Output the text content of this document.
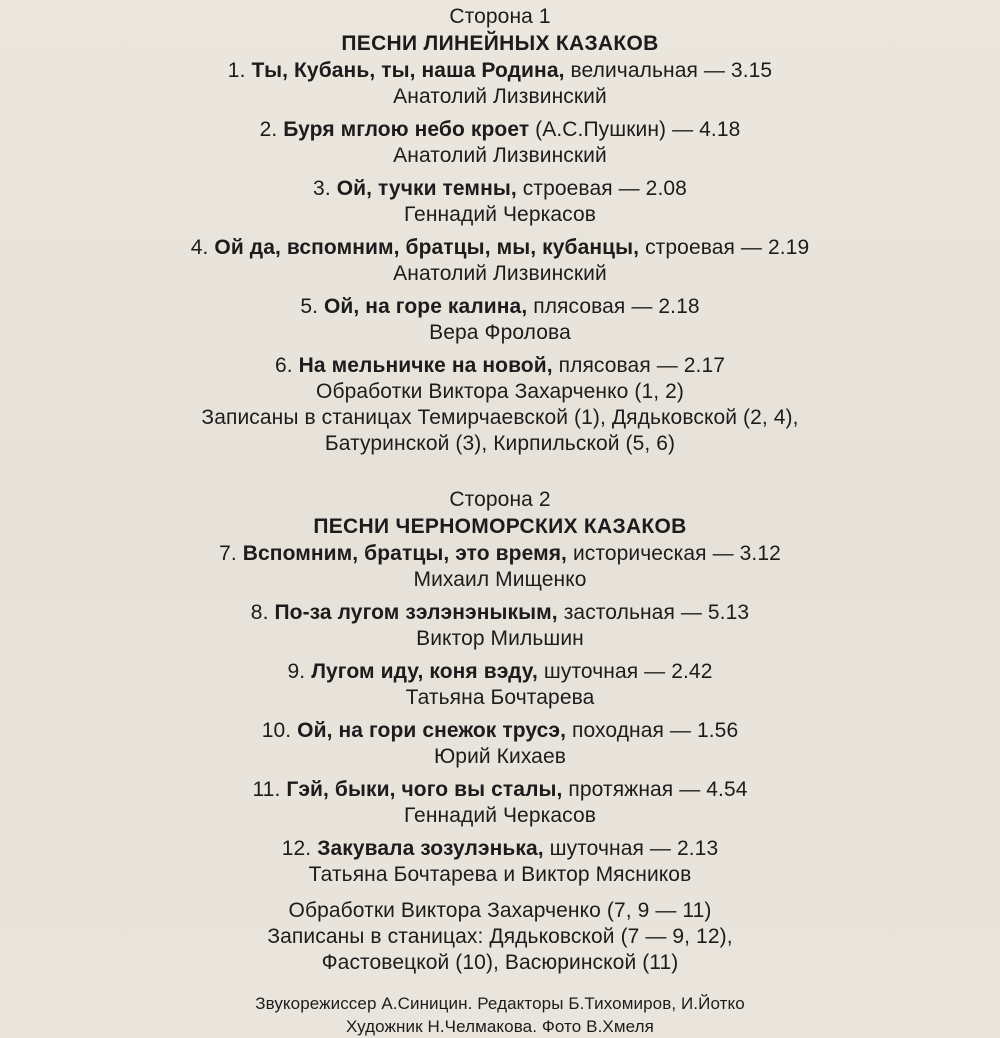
Сторона 1
ПЕСНИ ЛИНЕЙНЫХ КАЗАКОВ
1. Ты, Кубань, ты, наша Родина, величальная — 3.15
Анатолий Лизвинский
2. Буря мглою небо кроет (А.С.Пушкин) — 4.18
Анатолий Лизвинский
3. Ой, тучки темны, строевая — 2.08
Геннадий Черкасов
4. Ой да, вспомним, братцы, мы, кубанцы, строевая — 2.19
Анатолий Лизвинский
5. Ой, на горе калина, плясовая — 2.18
Вера Фролова
6. На мельничке на новой, плясовая — 2.17
Обработки Виктора Захарченко (1, 2)
Записаны в станицах Темирчаевской (1), Дядьковской (2, 4),
Батуринской (3), Кирпильской (5, 6)
Сторона 2
ПЕСНИ ЧЕРНОМОРСКИХ КАЗАКОВ
7. Вспомним, братцы, это время, историческая — 3.12
Михаил Мищенко
8. По-за лугом зэлэнэныкым, застольная — 5.13
Виктор Мильшин
9. Лугом иду, коня вэду, шуточная — 2.42
Татьяна Бочтарева
10. Ой, на гори снежок трусэ, походная — 1.56
Юрий Кихаев
11. Гэй, быки, чого вы сталы, протяжная — 4.54
Геннадий Черкасов
12. Закувала зозулэнька, шуточная — 2.13
Татьяна Бочтарева и Виктор Мясников
Обработки Виктора Захарченко (7, 9 — 11)
Записаны в станицах: Дядьковской (7 — 9, 12),
Фастовецкой (10), Васюринской (11)
Звукорежиссер А.Синицин. Редакторы Б.Тихомиров, И.Йотко
Художник Н.Челмакова. Фото В.Хмеля
